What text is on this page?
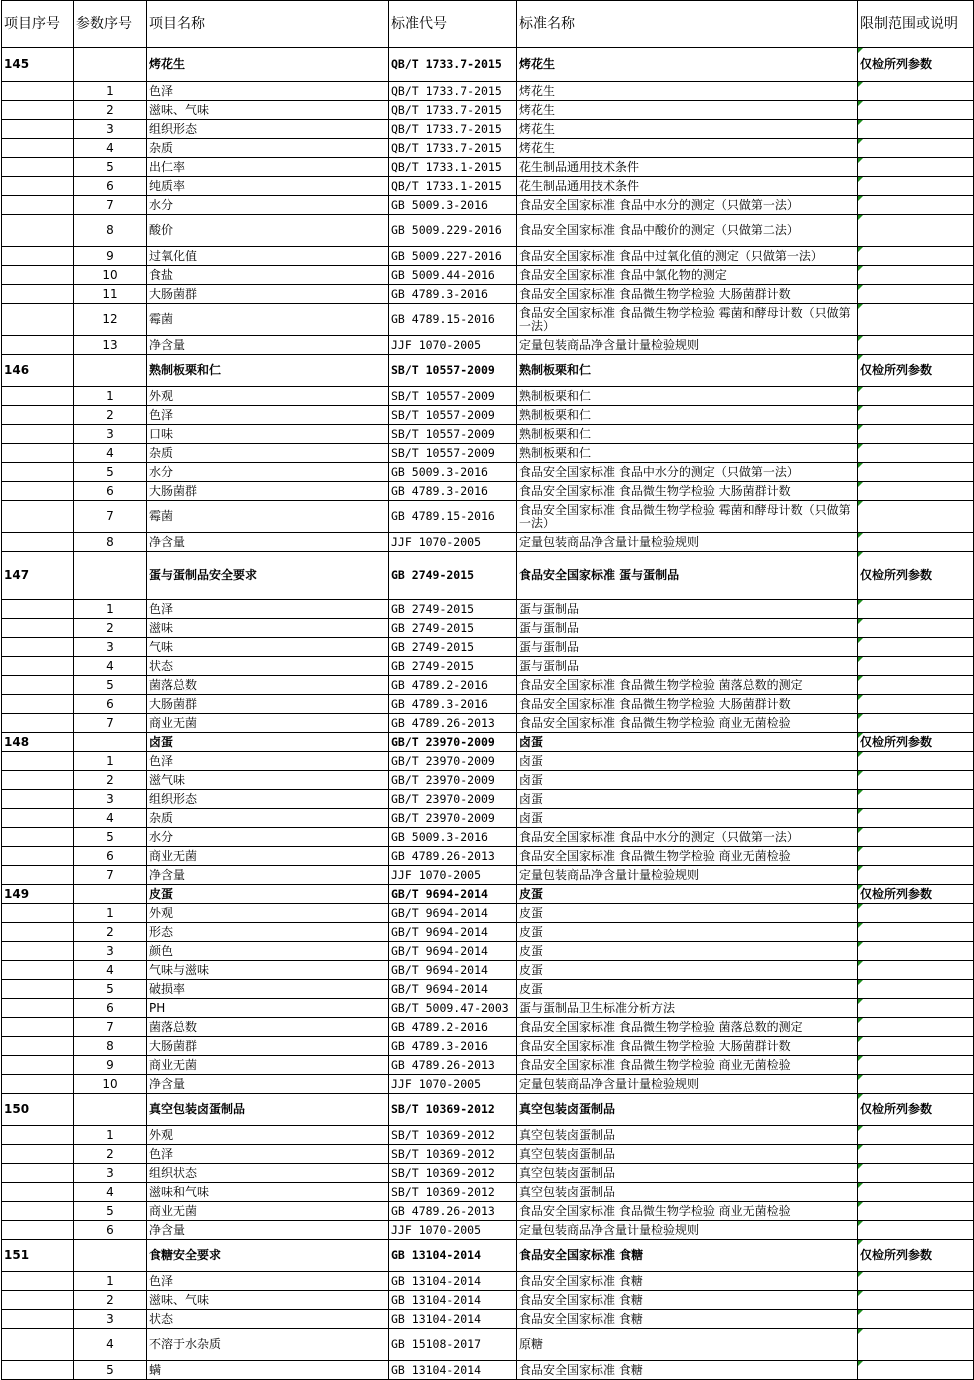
项目序号	参数序号	项目名称	标准代号	标准名称	限制范围或说明
145		烤花生	QB/T 1733.7-2015	烤花生	仅检所列参数
	1	色泽	QB/T 1733.7-2015	烤花生	

	2	滋味、气味	QB/T 1733.7-2015	烤花生	

	3	组织形态	QB/T 1733.7-2015	烤花生	

	4	杂质	QB/T 1733.7-2015	烤花生	

	5	出仁率	QB/T 1733.1-2015	花生制品通用技术条件	

	6	纯质率	QB/T 1733.1-2015	花生制品通用技术条件	

	7	水分	GB 5009.3-2016	食品安全国家标准 食品中水分的测定（只做第一法）	

	8	酸价	GB 5009.229-2016	食品安全国家标准 食品中酸价的测定（只做第二法）	

	9	过氧化值	GB 5009.227-2016	食品安全国家标准 食品中过氧化值的测定（只做第一法）	

	10	食盐	GB 5009.44-2016	食品安全国家标准 食品中氯化物的测定	

	11	大肠菌群	GB 4789.3-2016	食品安全国家标准 食品微生物学检验 大肠菌群计数	

	12	霉菌	GB 4789.15-2016	食品安全国家标准 食品微生物学检验 霉菌和酵母计数（只做第一法）	

	13	净含量	JJF 1070-2005	定量包装商品净含量计量检验规则	

146		熟制板栗和仁	SB/T 10557-2009	熟制板栗和仁	仅检所列参数
	1	外观	SB/T 10557-2009	熟制板栗和仁	

	2	色泽	SB/T 10557-2009	熟制板栗和仁	

	3	口味	SB/T 10557-2009	熟制板栗和仁	

	4	杂质	SB/T 10557-2009	熟制板栗和仁	

	5	水分	GB 5009.3-2016	食品安全国家标准 食品中水分的测定（只做第一法）	

	6	大肠菌群	GB 4789.3-2016	食品安全国家标准 食品微生物学检验 大肠菌群计数	

	7	霉菌	GB 4789.15-2016	食品安全国家标准 食品微生物学检验 霉菌和酵母计数（只做第一法）	

	8	净含量	JJF 1070-2005	定量包装商品净含量计量检验规则	

147		蛋与蛋制品安全要求	GB 2749-2015	食品安全国家标准 蛋与蛋制品	仅检所列参数
	1	色泽	GB 2749-2015	蛋与蛋制品	

	2	滋味	GB 2749-2015	蛋与蛋制品	

	3	气味	GB 2749-2015	蛋与蛋制品	

	4	状态	GB 2749-2015	蛋与蛋制品	

	5	菌落总数	GB 4789.2-2016	食品安全国家标准 食品微生物学检验 菌落总数的测定	

	6	大肠菌群	GB 4789.3-2016	食品安全国家标准 食品微生物学检验 大肠菌群计数	

	7	商业无菌	GB 4789.26-2013	食品安全国家标准 食品微生物学检验 商业无菌检验	

148		卤蛋	GB/T 23970-2009	卤蛋	仅检所列参数
	1	色泽	GB/T 23970-2009	卤蛋	

	2	滋气味	GB/T 23970-2009	卤蛋	

	3	组织形态	GB/T 23970-2009	卤蛋	

	4	杂质	GB/T 23970-2009	卤蛋	

	5	水分	GB 5009.3-2016	食品安全国家标准 食品中水分的测定（只做第一法）	

	6	商业无菌	GB 4789.26-2013	食品安全国家标准 食品微生物学检验 商业无菌检验	

	7	净含量	JJF 1070-2005	定量包装商品净含量计量检验规则	

149		皮蛋	GB/T 9694-2014	皮蛋	仅检所列参数
	1	外观	GB/T 9694-2014	皮蛋	

	2	形态	GB/T 9694-2014	皮蛋	

	3	颜色	GB/T 9694-2014	皮蛋	

	4	气味与滋味	GB/T 9694-2014	皮蛋	

	5	破损率	GB/T 9694-2014	皮蛋	

	6	PH	GB/T 5009.47-2003	蛋与蛋制品卫生标准分析方法	

	7	菌落总数	GB 4789.2-2016	食品安全国家标准 食品微生物学检验 菌落总数的测定	

	8	大肠菌群	GB 4789.3-2016	食品安全国家标准 食品微生物学检验 大肠菌群计数	

	9	商业无菌	GB 4789.26-2013	食品安全国家标准 食品微生物学检验 商业无菌检验	

	10	净含量	JJF 1070-2005	定量包装商品净含量计量检验规则	

150		真空包装卤蛋制品	SB/T 10369-2012	真空包装卤蛋制品	仅检所列参数
	1	外观	SB/T 10369-2012	真空包装卤蛋制品	

	2	色泽	SB/T 10369-2012	真空包装卤蛋制品	

	3	组织状态	SB/T 10369-2012	真空包装卤蛋制品	

	4	滋味和气味	SB/T 10369-2012	真空包装卤蛋制品	

	5	商业无菌	GB 4789.26-2013	食品安全国家标准 食品微生物学检验 商业无菌检验	

	6	净含量	JJF 1070-2005	定量包装商品净含量计量检验规则	

151		食糖安全要求	GB 13104-2014	食品安全国家标准 食糖	仅检所列参数
	1	色泽	GB 13104-2014	食品安全国家标准 食糖	

	2	滋味、气味	GB 13104-2014	食品安全国家标准 食糖	

	3	状态	GB 13104-2014	食品安全国家标准 食糖	

	4	不溶于水杂质	GB 15108-2017	原糖	

	5	螨	GB 13104-2014	食品安全国家标准 食糖	
